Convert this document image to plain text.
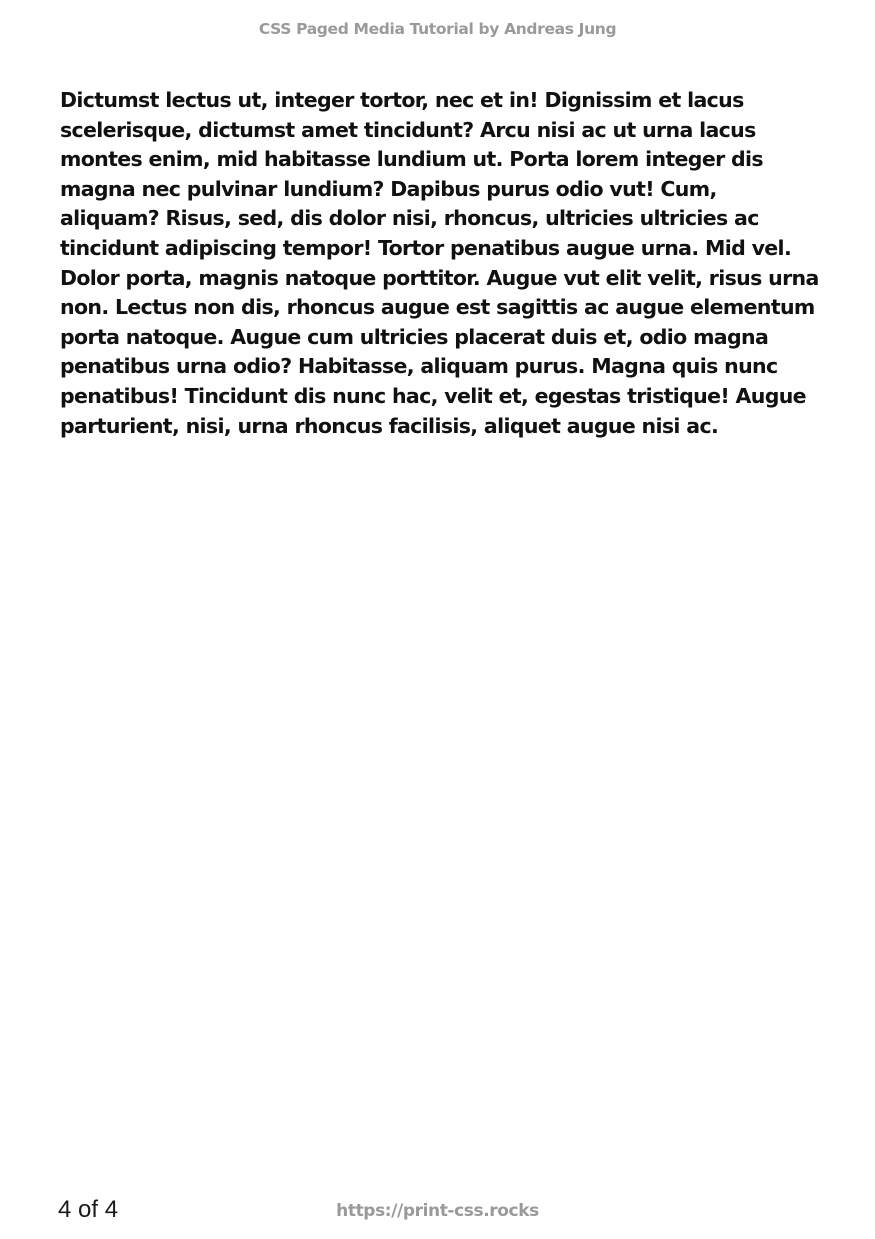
CSS Paged Media Tutorial by Andreas Jung

Dictumst lectus ut, integer tortor, nec et in! Dignissim et lacus scelerisque, dictumst amet tincidunt? Arcu nisi ac ut urna lacus montes enim, mid habitasse lundium ut. Porta lorem integer dis magna nec pulvinar lundium? Dapibus purus odio vut! Cum, aliquam? Risus, sed, dis dolor nisi, rhoncus, ultricies ultricies ac tincidunt adipiscing tempor! Tortor penatibus augue urna. Mid vel. Dolor porta, magnis natoque porttitor. Augue vut elit velit, risus urna non. Lectus non dis, rhoncus augue est sagittis ac augue elementum porta natoque. Augue cum ultricies placerat duis et, odio magna penatibus urna odio? Habitasse, aliquam purus. Magna quis nunc penatibus! Tincidunt dis nunc hac, velit et, egestas tristique! Augue parturient, nisi, urna rhoncus facilisis, aliquet augue nisi ac.

4 of 4	https://print-css.rocks
